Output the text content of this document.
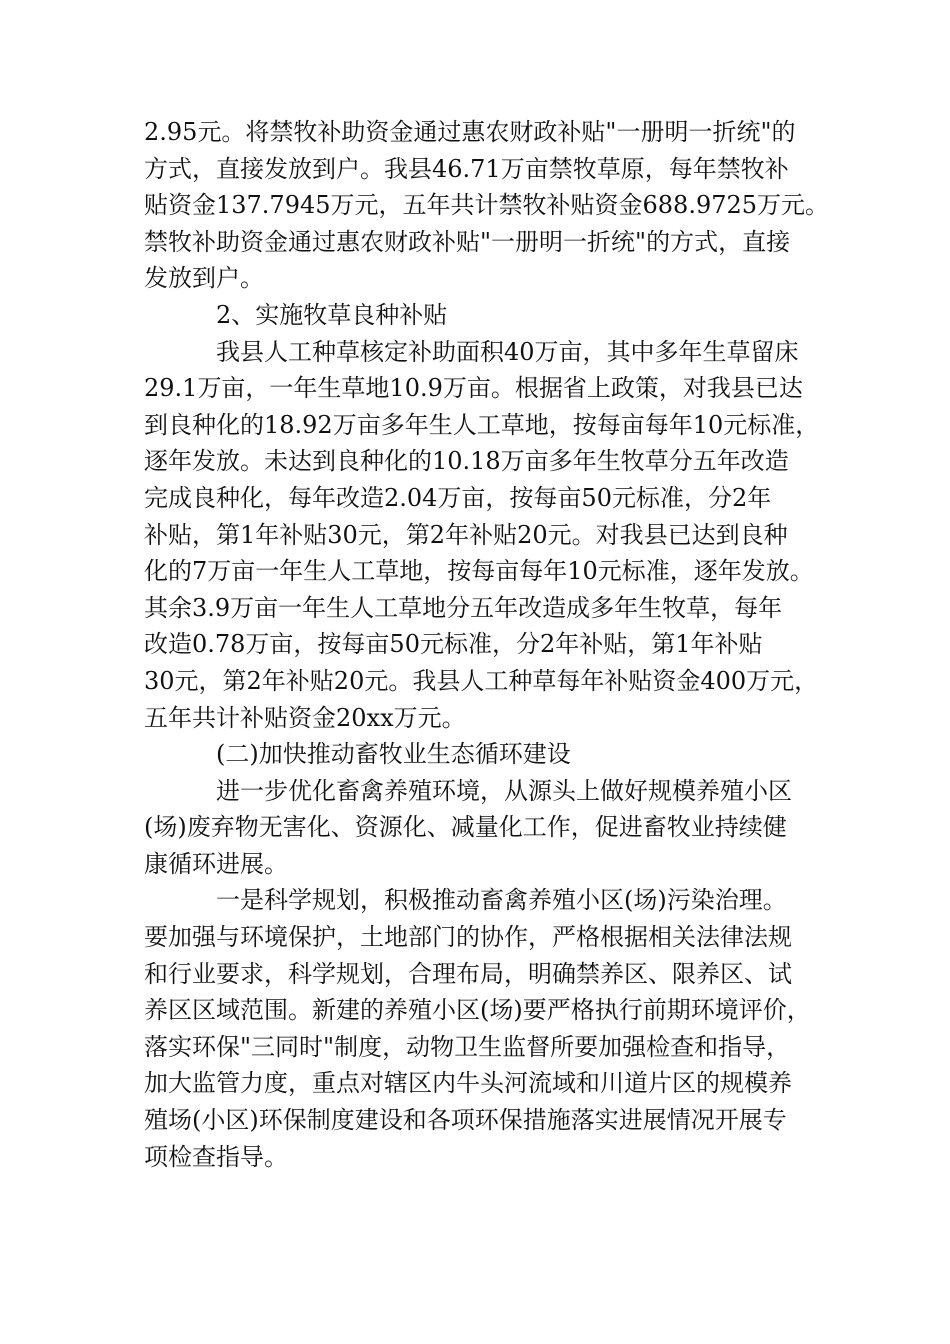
2.95元。将禁牧补助资金通过惠农财政补贴"一册明一折统"的
方式，直接发放到户。我县46.71万亩禁牧草原，每年禁牧补
贴资金137.7945万元，五年共计禁牧补贴资金688.9725万元。
禁牧补助资金通过惠农财政补贴"一册明一折统"的方式，直接
发放到户。
2、实施牧草良种补贴
我县人工种草核定补助面积40万亩，其中多年生草留床
29.1万亩，一年生草地10.9万亩。根据省上政策，对我县已达
到良种化的18.92万亩多年生人工草地，按每亩每年10元标准，
逐年发放。未达到良种化的10.18万亩多年生牧草分五年改造
完成良种化，每年改造2.04万亩，按每亩50元标准，分2年
补贴，第1年补贴30元，第2年补贴20元。对我县已达到良种
化的7万亩一年生人工草地，按每亩每年10元标准，逐年发放。
其余3.9万亩一年生人工草地分五年改造成多年生牧草，每年
改造0.78万亩，按每亩50元标准，分2年补贴，第1年补贴
30元，第2年补贴20元。我县人工种草每年补贴资金400万元，
五年共计补贴资金20xx万元。
(二)加快推动畜牧业生态循环建设
进一步优化畜禽养殖环境，从源头上做好规模养殖小区
(场)废弃物无害化、资源化、减量化工作，促进畜牧业持续健
康循环进展。
一是科学规划，积极推动畜禽养殖小区(场)污染治理。
要加强与环境保护，土地部门的协作，严格根据相关法律法规
和行业要求，科学规划，合理布局，明确禁养区、限养区、试
养区区域范围。新建的养殖小区(场)要严格执行前期环境评价，
落实环保"三同时"制度，动物卫生监督所要加强检查和指导，
加大监管力度，重点对辖区内牛头河流域和川道片区的规模养
殖场(小区)环保制度建设和各项环保措施落实进展情况开展专
项检查指导。
